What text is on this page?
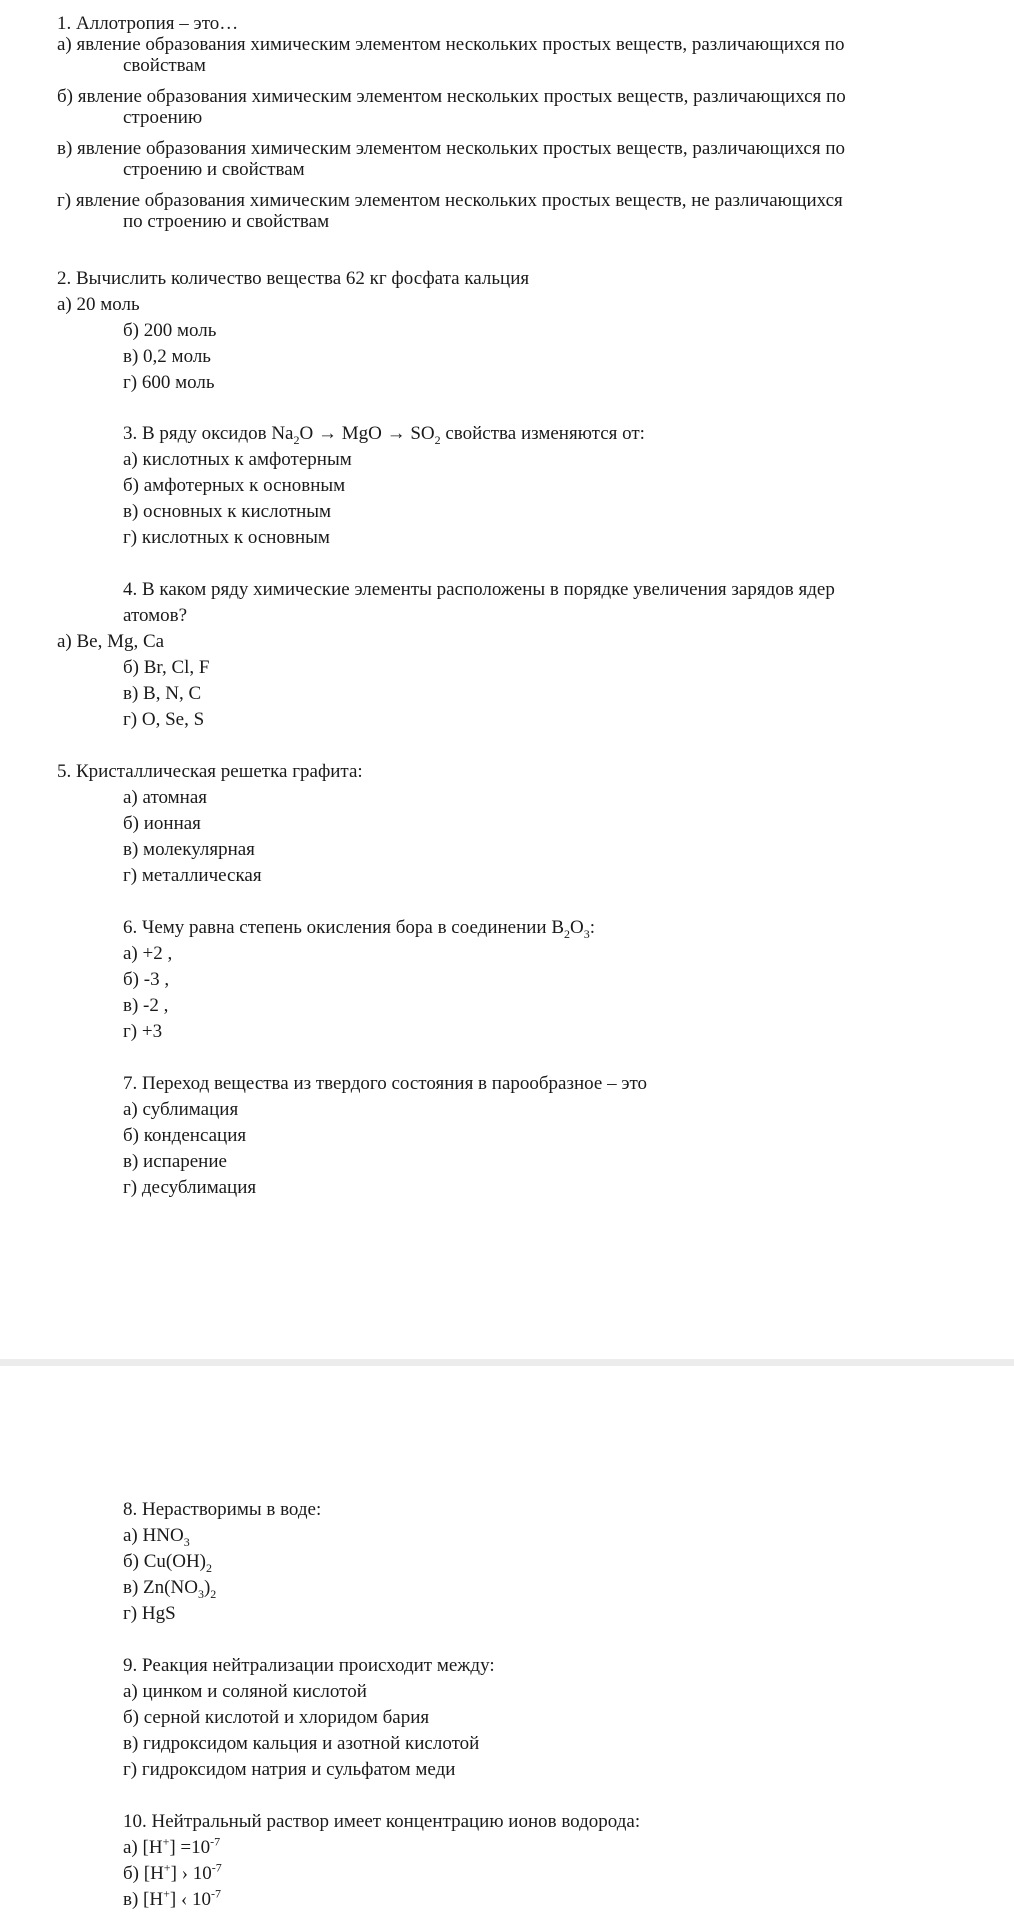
1. Аллотропия – это…
а) явление образования химическим элементом нескольких простых веществ, различающихся по
свойствам
б) явление образования химическим элементом нескольких простых веществ, различающихся по
строению
в) явление образования химическим элементом нескольких простых веществ, различающихся по
строению и свойствам
г) явление образования химическим элементом нескольких простых веществ, не различающихся
по строению и свойствам
2. Вычислить количество вещества 62 кг фосфата кальция
а) 20 моль
б) 200 моль
в) 0,2 моль
г) 600 моль
3. В ряду оксидов $Na_2O$ → MgO → $SO_2$ свойства изменяются от:
а) кислотных к амфотерным
б) амфотерных к основным
в) основных к кислотным
г) кислотных к основным
4. В каком ряду химические элементы расположены в порядке увеличения зарядов ядер
атомов?
а) Be, Mg, Ca
б) Br, Cl, F
в) B, N, C
г) O, Se, S
5. Кристаллическая решетка графита:
а) атомная
б) ионная
в) молекулярная
г) металлическая
6. Чему равна степень окисления бора в соединении $B_2O_3$:
а) +2 ,
б) -3 ,
в) -2 ,
г) +3
7. Переход вещества из твердого состояния в парообразное – это
а) сублимация
б) конденсация
в) испарение
г) десублимация
8. Нерастворимы в воде:
а) $HNO_3$
б) $Cu(OH)_2$
в) $Zn(NO_3)_2$
г) HgS
9. Реакция нейтрализации происходит между:
а) цинком и соляной кислотой
б) серной кислотой и хлоридом бария
в) гидроксидом кальция и азотной кислотой
г) гидроксидом натрия и сульфатом меди
10. Нейтральный раствор имеет концентрацию ионов водорода:
а) $[H^+] =10^{-7}$
б) [H+] › $10^{-7}$
в) [H+] ‹ $10^{-7}$
